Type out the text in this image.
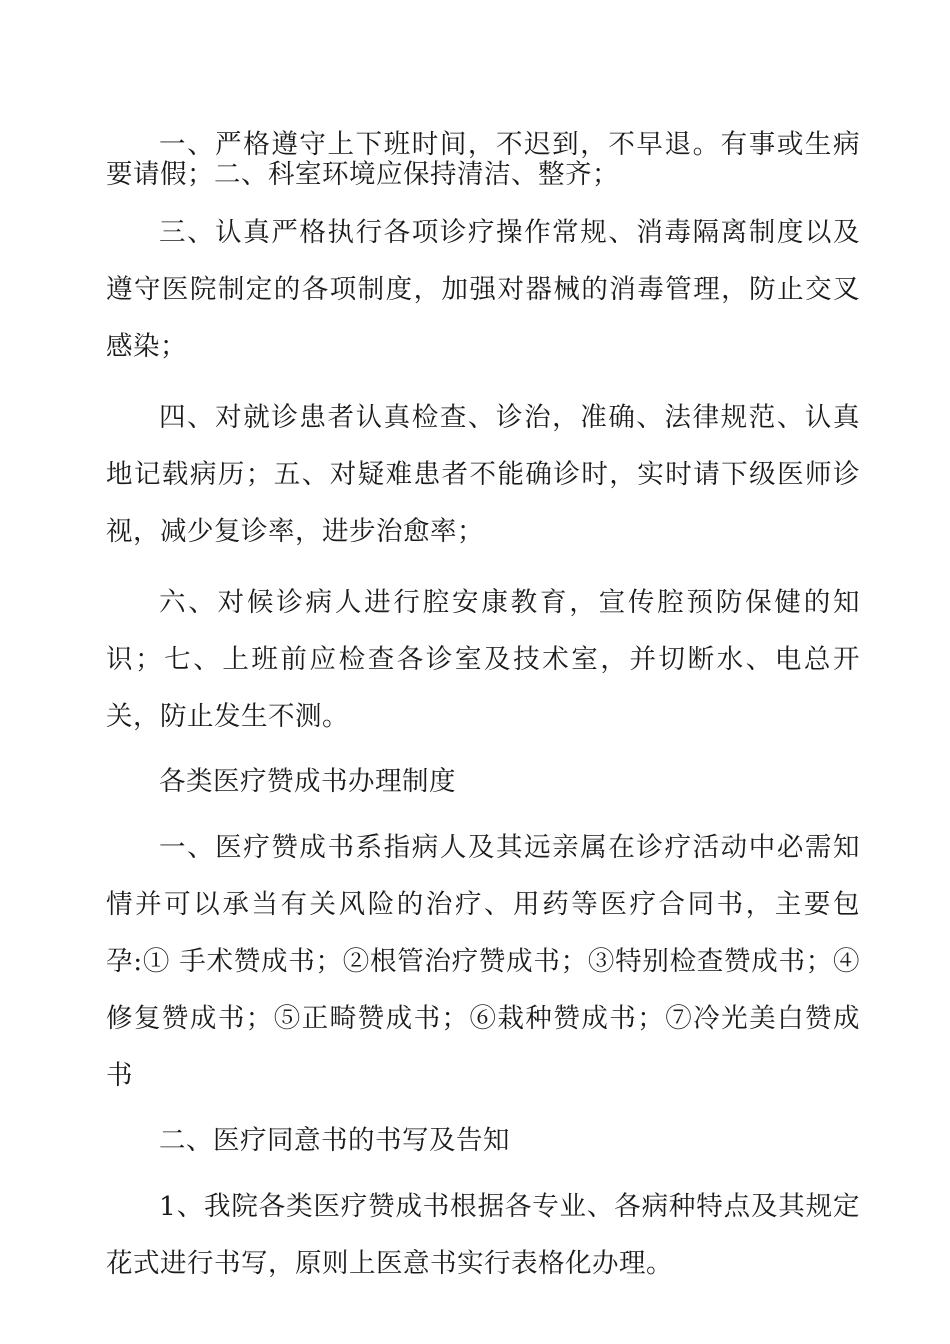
一、严格遵守上下班时间，不迟到，不早退。有事或生病要请假；二、科室环境应保持清洁、整齐；

三、认真严格执行各项诊疗操作常规、消毒隔离制度以及遵守医院制定的各项制度，加强对器械的消毒管理，防止交叉感染；

四、对就诊患者认真检查、诊治，准确、法律规范、认真地记载病历；五、对疑难患者不能确诊时，实时请下级医师诊视，减少复诊率，进步治愈率；

六、对候诊病人进行腔安康教育，宣传腔预防保健的知识；七、上班前应检查各诊室及技术室，并切断水、电总开关，防止发生不测。

各类医疗赞成书办理制度

一、医疗赞成书系指病人及其远亲属在诊疗活动中必需知情并可以承当有关风险的治疗、用药等医疗合同书，主要包孕:① 手术赞成书；②根管治疗赞成书；③特别检查赞成书；④修复赞成书；⑤正畸赞成书；⑥栽种赞成书；⑦冷光美白赞成书

二、医疗同意书的书写及告知

1、我院各类医疗赞成书根据各专业、各病种特点及其规定花式进行书写，原则上医意书实行表格化办理。
